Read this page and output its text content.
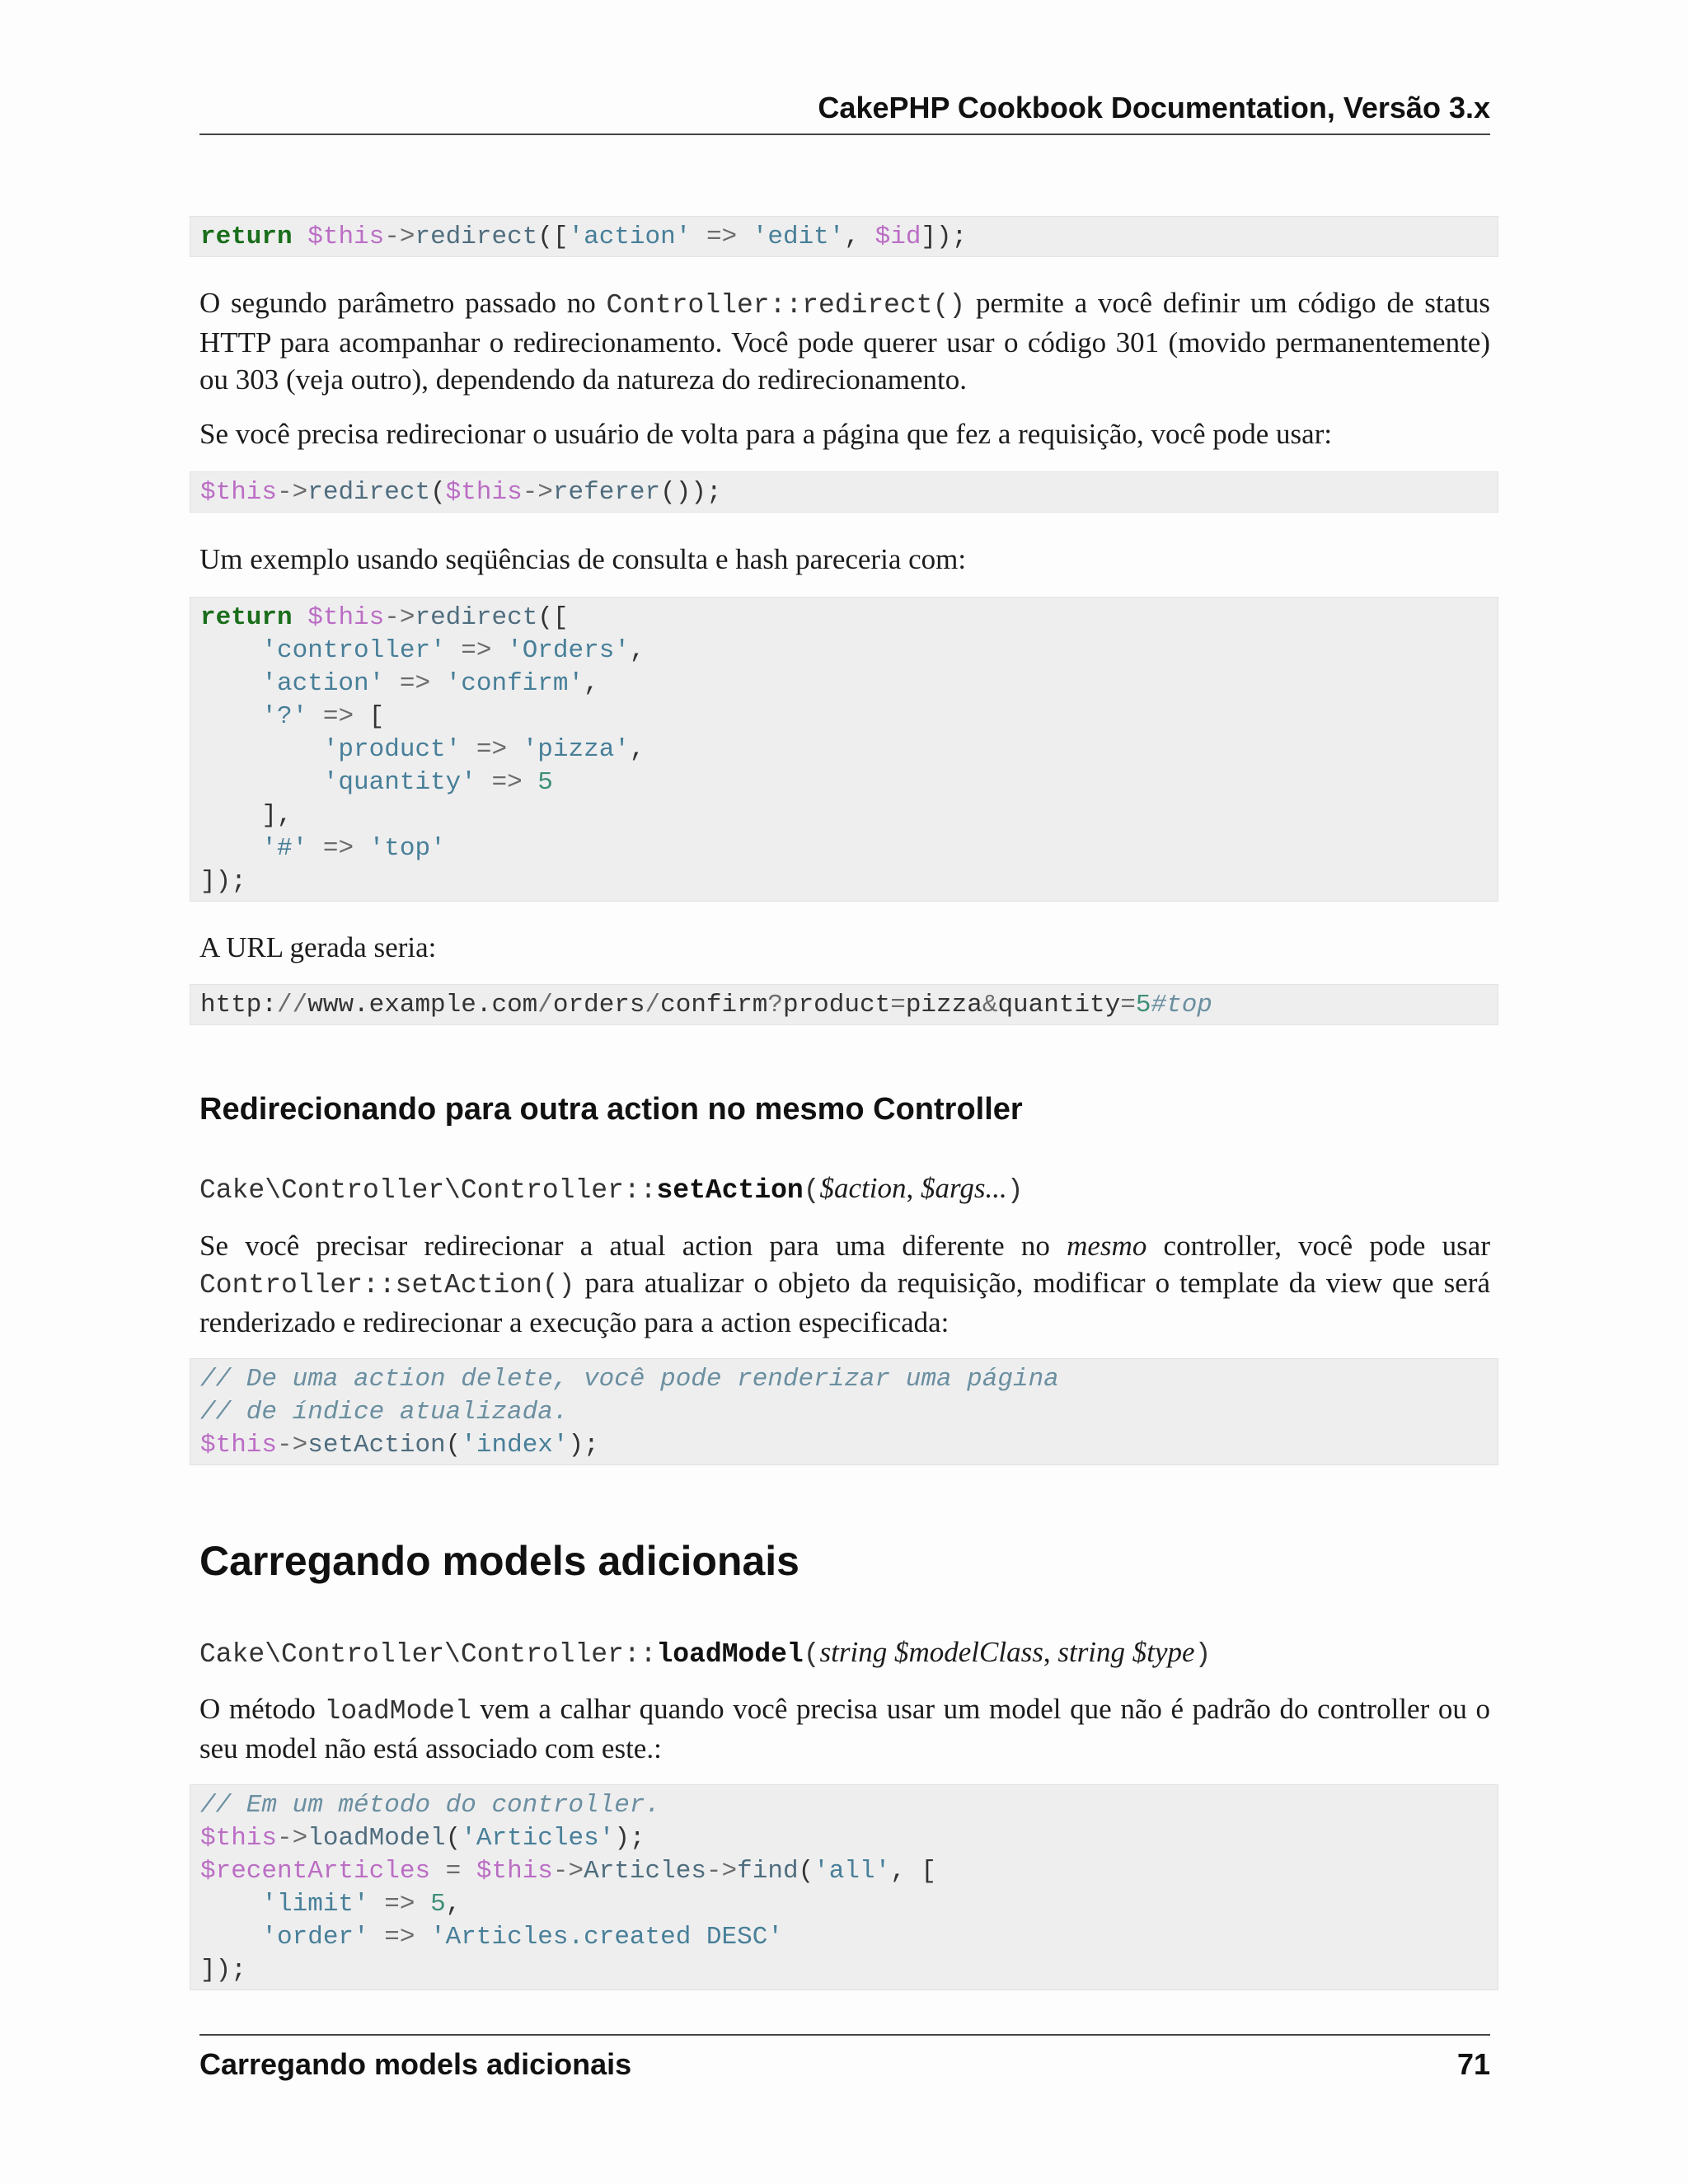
CakePHP Cookbook Documentation, Versão 3.x
return $this->redirect(['action' => 'edit', $id]);
O segundo parâmetro passado no Controller::redirect() permite a você definir um código de status HTTP para acompanhar o redirecionamento. Você pode querer usar o código 301 (movido permanentemente) ou 303 (veja outro), dependendo da natureza do redirecionamento.
Se você precisa redirecionar o usuário de volta para a página que fez a requisição, você pode usar:
$this->redirect($this->referer());
Um exemplo usando seqüências de consulta e hash pareceria com:
return $this->redirect([
'controller' => 'Orders',
'action' => 'confirm',
'?' => [
'product' => 'pizza',
'quantity' => 5
],
'#' => 'top'
]);
A URL gerada seria:
http://www.example.com/orders/confirm?product=pizza&quantity=5#top
Redirecionando para outra action no mesmo Controller
Cake\Controller\Controller::setAction($action, $args...)
Se você precisar redirecionar a atual action para uma diferente no mesmo controller, você pode usar Controller::setAction() para atualizar o objeto da requisição, modificar o template da view que será renderizado e redirecionar a execução para a action especificada:
// De uma action delete, você pode renderizar uma página
// de índice atualizada.
$this->setAction('index');
Carregando models adicionais
Cake\Controller\Controller::loadModel(string $modelClass, string $type)
O método loadModel vem a calhar quando você precisa usar um model que não é padrão do controller ou o seu model não está associado com este.:
// Em um método do controller.
$this->loadModel('Articles');
$recentArticles = $this->Articles->find('all', [
'limit' => 5,
'order' => 'Articles.created DESC'
]);
Carregando models adicionais	71
